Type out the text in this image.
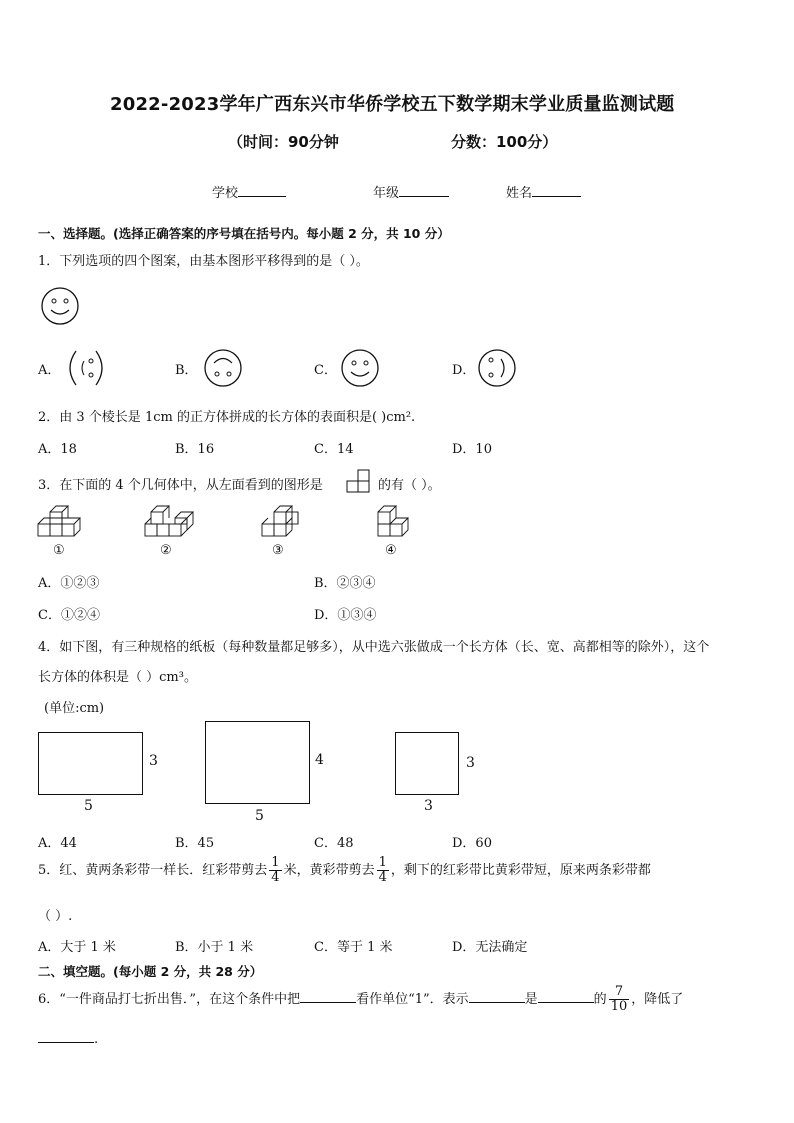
2022-2023学年广西东兴市华侨学校五下数学期末学业质量监测试题
（时间：90分钟	分数：100分）
学校	年级	姓名
一、选择题。(选择正确答案的序号填在括号内。每小题 2 分，共 10 分）
1．下列选项的四个图案，由基本图形平移得到的是（ ）。
A．	B．	C．	D．
2．由 3 个棱长是 1cm 的正方体拼成的长方体的表面积是( )cm².
A．18	B．16	C．14	D．10
3．在下面的 4 个几何体中，从左面看到的图形是	的有（ ）。
①	②	③	④
A．①②③	B．②③④
C．①②④	D．①③④
4．如下图，有三种规格的纸板（每种数量都足够多），从中选六张做成一个长方体（长、宽、高都相等的除外），这个
长方体的体积是（ ）cm³。
(单位:cm)
3
5
4
5
3
3
A．44	B．45	C．48	D．60
5．红、黄两条彩带一样长．红彩带剪去 $\frac{1}{4}$ 米，黄彩带剪去 $\frac{1}{4}$ ，剩下的红彩带比黄彩带短，原来两条彩带都
（ ）.
A．大于 1 米	B．小于 1 米	C．等于 1 米	D．无法确定
二、填空题。(每小题 2 分，共 28 分）
6．“一件商品打七折出售．”，在这个条件中把	看作单位“1”．表示	是	的 $\frac{7}{10}$ ，降低了
.
